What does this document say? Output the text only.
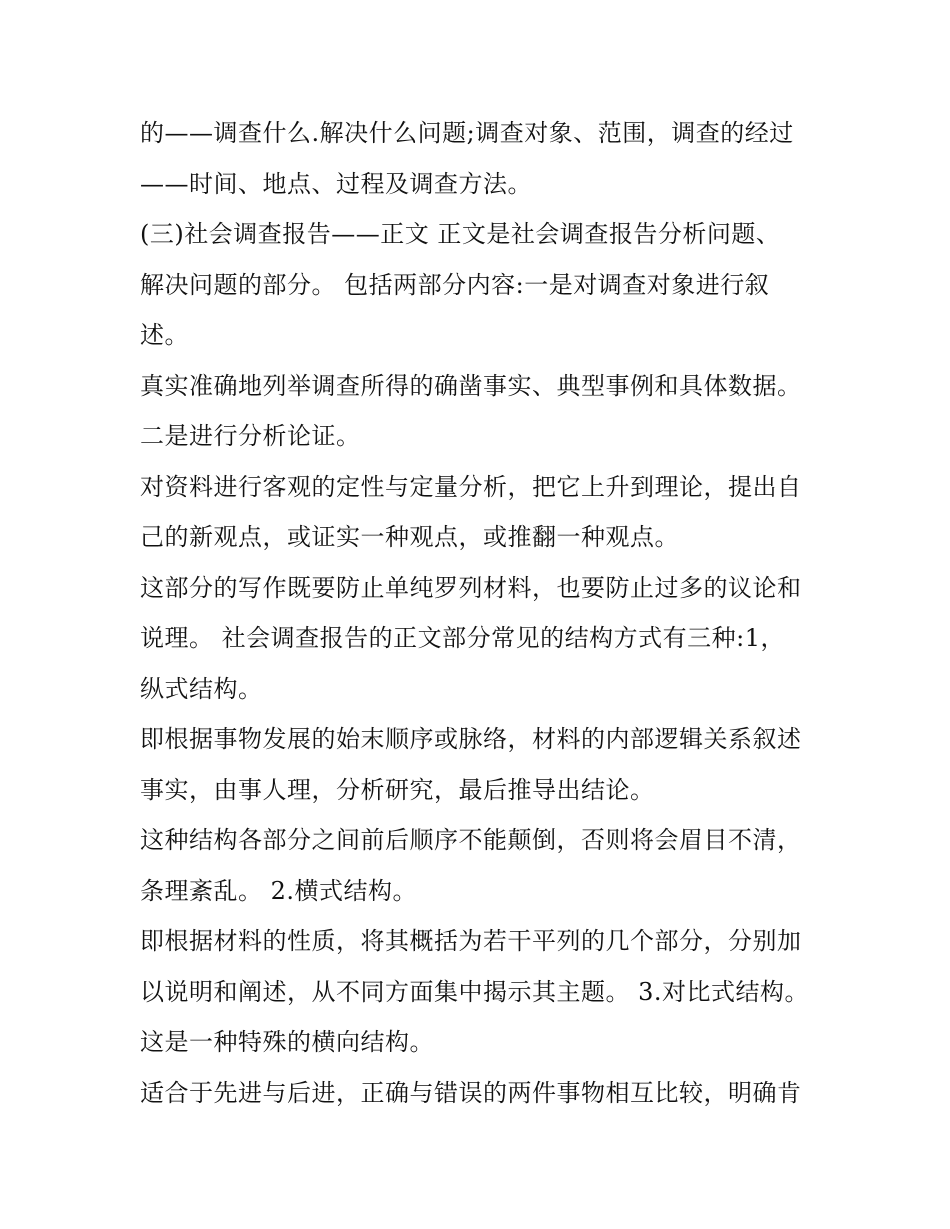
的——调查什么.解决什么问题;调查对象、范围，调查的经过
——时间、地点、过程及调查方法。
(三)社会调查报告——正文 正文是社会调查报告分析问题、
解决问题的部分。 包括两部分内容:一是对调查对象进行叙
述。
真实准确地列举调查所得的确凿事实、典型事例和具体数据。
二是进行分析论证。
对资料进行客观的定性与定量分析，把它上升到理论，提出自
己的新观点，或证实一种观点，或推翻一种观点。
这部分的写作既要防止单纯罗列材料，也要防止过多的议论和
说理。 社会调查报告的正文部分常见的结构方式有三种:1，
纵式结构。
即根据事物发展的始末顺序或脉络，材料的内部逻辑关系叙述
事实，由事人理，分析研究，最后推导出结论。
这种结构各部分之间前后顺序不能颠倒，否则将会眉目不清，
条理紊乱。 2.横式结构。
即根据材料的性质，将其概括为若干平列的几个部分，分别加
以说明和阐述，从不同方面集中揭示其主题。 3.对比式结构。
这是一种特殊的横向结构。
适合于先进与后进，正确与错误的两件事物相互比较，明确肯
